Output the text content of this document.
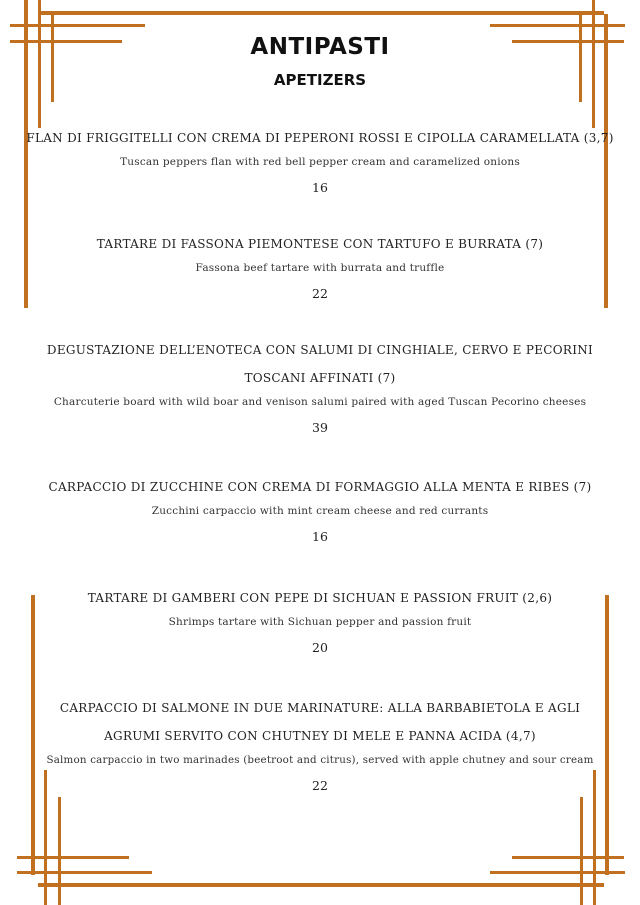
ANTIPASTI
APETIZERS

FLAN DI FRIGGITELLI CON CREMA DI PEPERONI ROSSI E CIPOLLA CARAMELLATA (3,7)

Tuscan peppers flan with red bell pepper cream and caramelized onions

16

TARTARE DI FASSONA PIEMONTESE CON TARTUFO E BURRATA (7)

Fassona beef tartare with burrata and truffle

22

DEGUSTAZIONE DELL’ENOTECA CON SALUMI DI CINGHIALE, CERVO E PECORINI TOSCANI AFFINATI (7)

Charcuterie board with wild boar and venison salumi paired with aged Tuscan Pecorino cheeses

39

CARPACCIO DI ZUCCHINE CON CREMA DI FORMAGGIO ALLA MENTA E RIBES (7)

Zucchini carpaccio with mint cream cheese and red currants

16

TARTARE DI GAMBERI CON PEPE DI SICHUAN E PASSION FRUIT (2,6)

Shrimps tartare with Sichuan pepper and passion fruit

20

CARPACCIO DI SALMONE IN DUE MARINATURE: ALLA BARBABIETOLA E AGLI AGRUMI SERVITO CON CHUTNEY DI MELE E PANNA ACIDA (4,7)

Salmon carpaccio in two marinades (beetroot and citrus), served with apple chutney and sour cream

22
